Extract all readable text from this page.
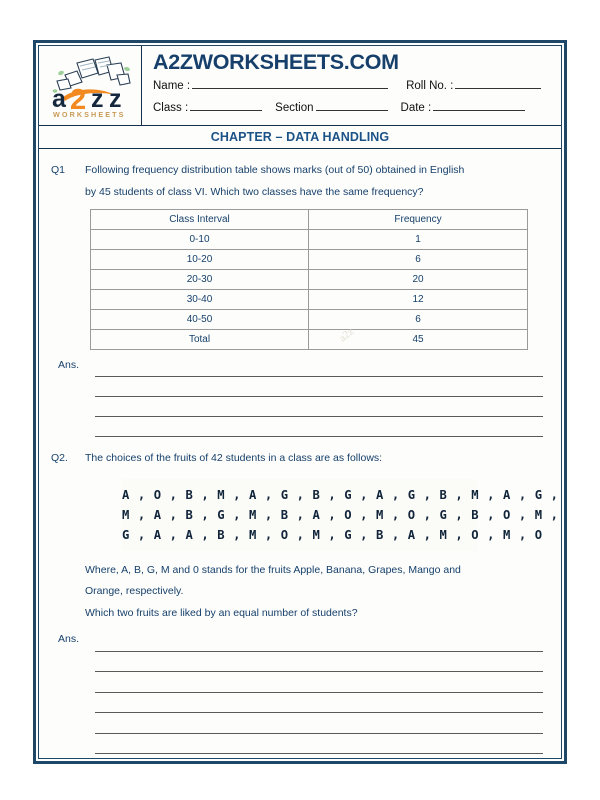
a 2 z z
WORKSHEETS
A2ZWORKSHEETS.COM
Name :	Roll No. :
Class :	Section	Date :
CHAPTER – DATA HANDLING
Q1	Following frequency distribution table shows marks (out of 50) obtained in English
by 45 students of class VI. Which two classes have the same frequency?
Class Interval	Frequency
0-10	1
10-20	6
20-30	20
30-40	12
40-50	6
Total	45
Ans.
Q2.	The choices of the fruits of 42 students in a class are as follows:
A , O , B , M , A , G , B , G , A , G , B , M , A , G ,
M , A , B , G , M , B , A , O , M , O , G , B , O , M ,
G , A , A , B , M , O , M , G , B , A , M , O , M , O
Where, A, B, G, M and 0 stands for the fruits Apple, Banana, Grapes, Mango and
Orange, respectively.
Which two fruits are liked by an equal number of students?
Ans.
a2z
